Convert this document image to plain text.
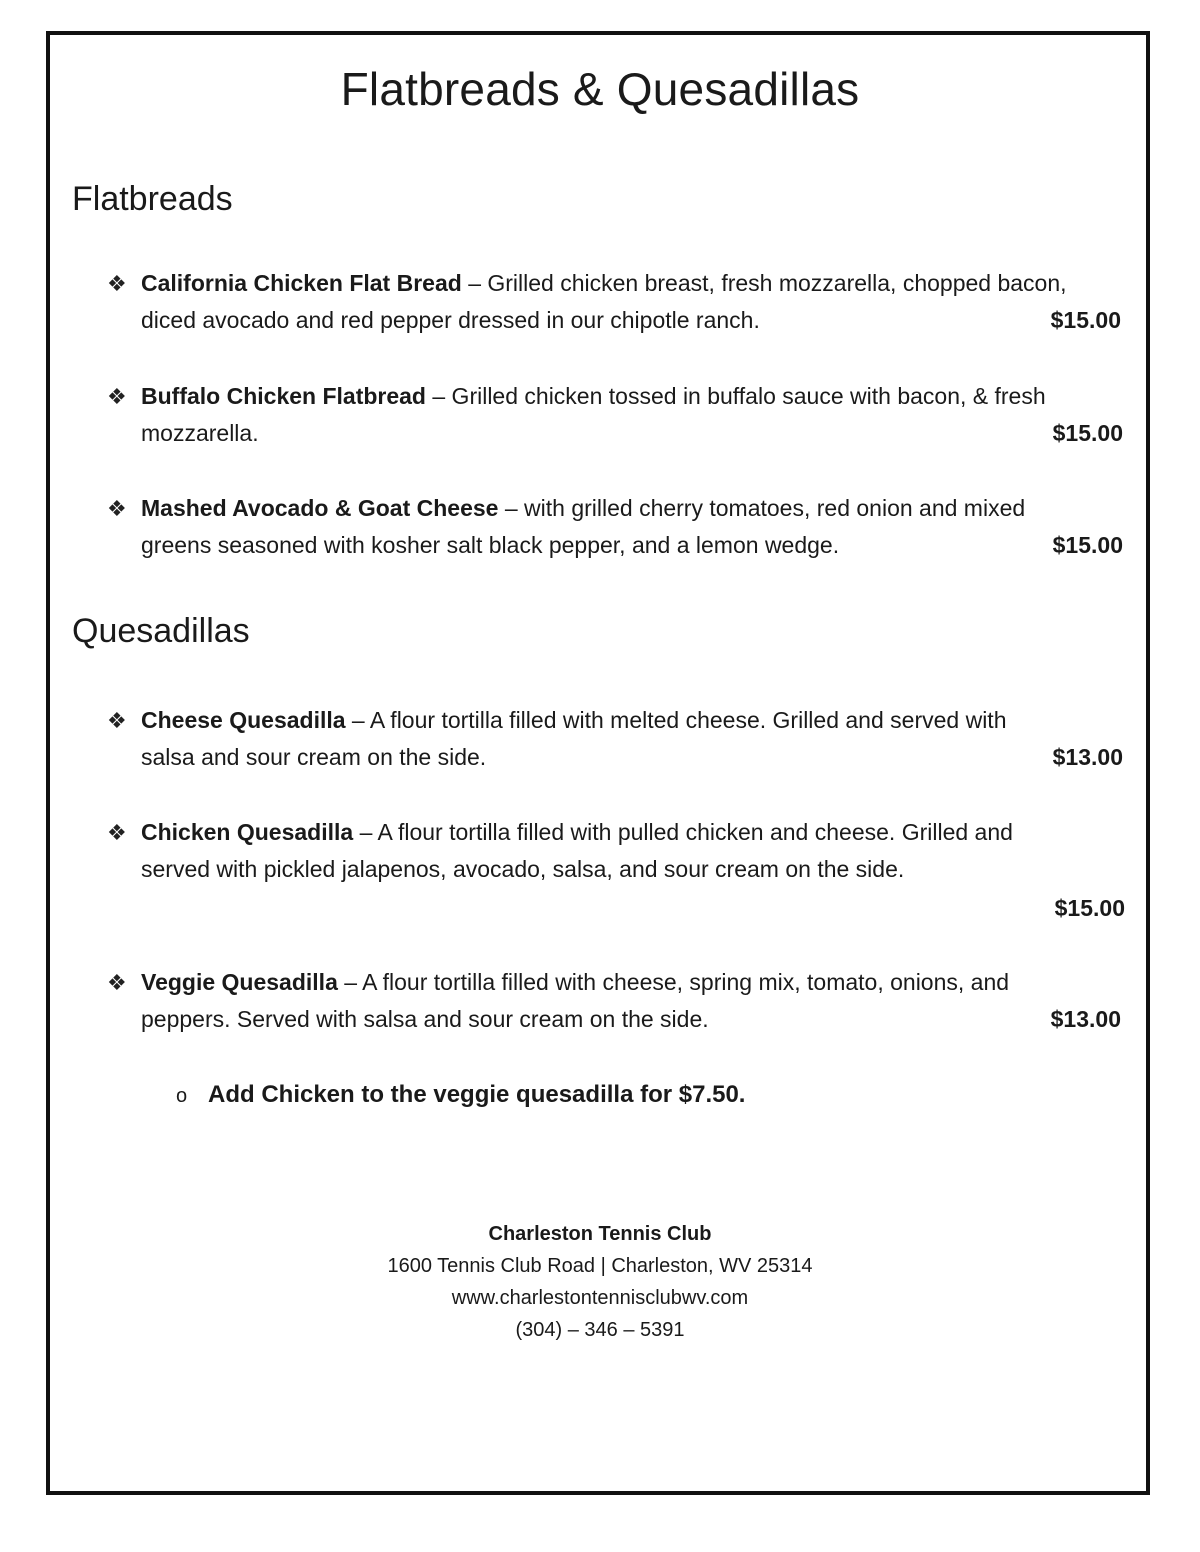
Flatbreads & Quesadillas
Flatbreads
❖ California Chicken Flat Bread – Grilled chicken breast, fresh mozzarella, chopped bacon,
diced avocado and red pepper dressed in our chipotle ranch.	$15.00
❖ Buffalo Chicken Flatbread – Grilled chicken tossed in buffalo sauce with bacon, & fresh
mozzarella.	$15.00
❖ Mashed Avocado & Goat Cheese – with grilled cherry tomatoes, red onion and mixed
greens seasoned with kosher salt black pepper, and a lemon wedge.	$15.00
Quesadillas
❖ Cheese Quesadilla – A flour tortilla filled with melted cheese. Grilled and served with
salsa and sour cream on the side.	$13.00
❖ Chicken Quesadilla – A flour tortilla filled with pulled chicken and cheese. Grilled and
served with pickled jalapenos, avocado, salsa, and sour cream on the side.
$15.00
❖ Veggie Quesadilla – A flour tortilla filled with cheese, spring mix, tomato, onions, and
peppers. Served with salsa and sour cream on the side.	$13.00
o Add Chicken to the veggie quesadilla for $7.50.
Charleston Tennis Club
1600 Tennis Club Road | Charleston, WV 25314
www.charlestontennisclubwv.com
(304) – 346 – 5391
